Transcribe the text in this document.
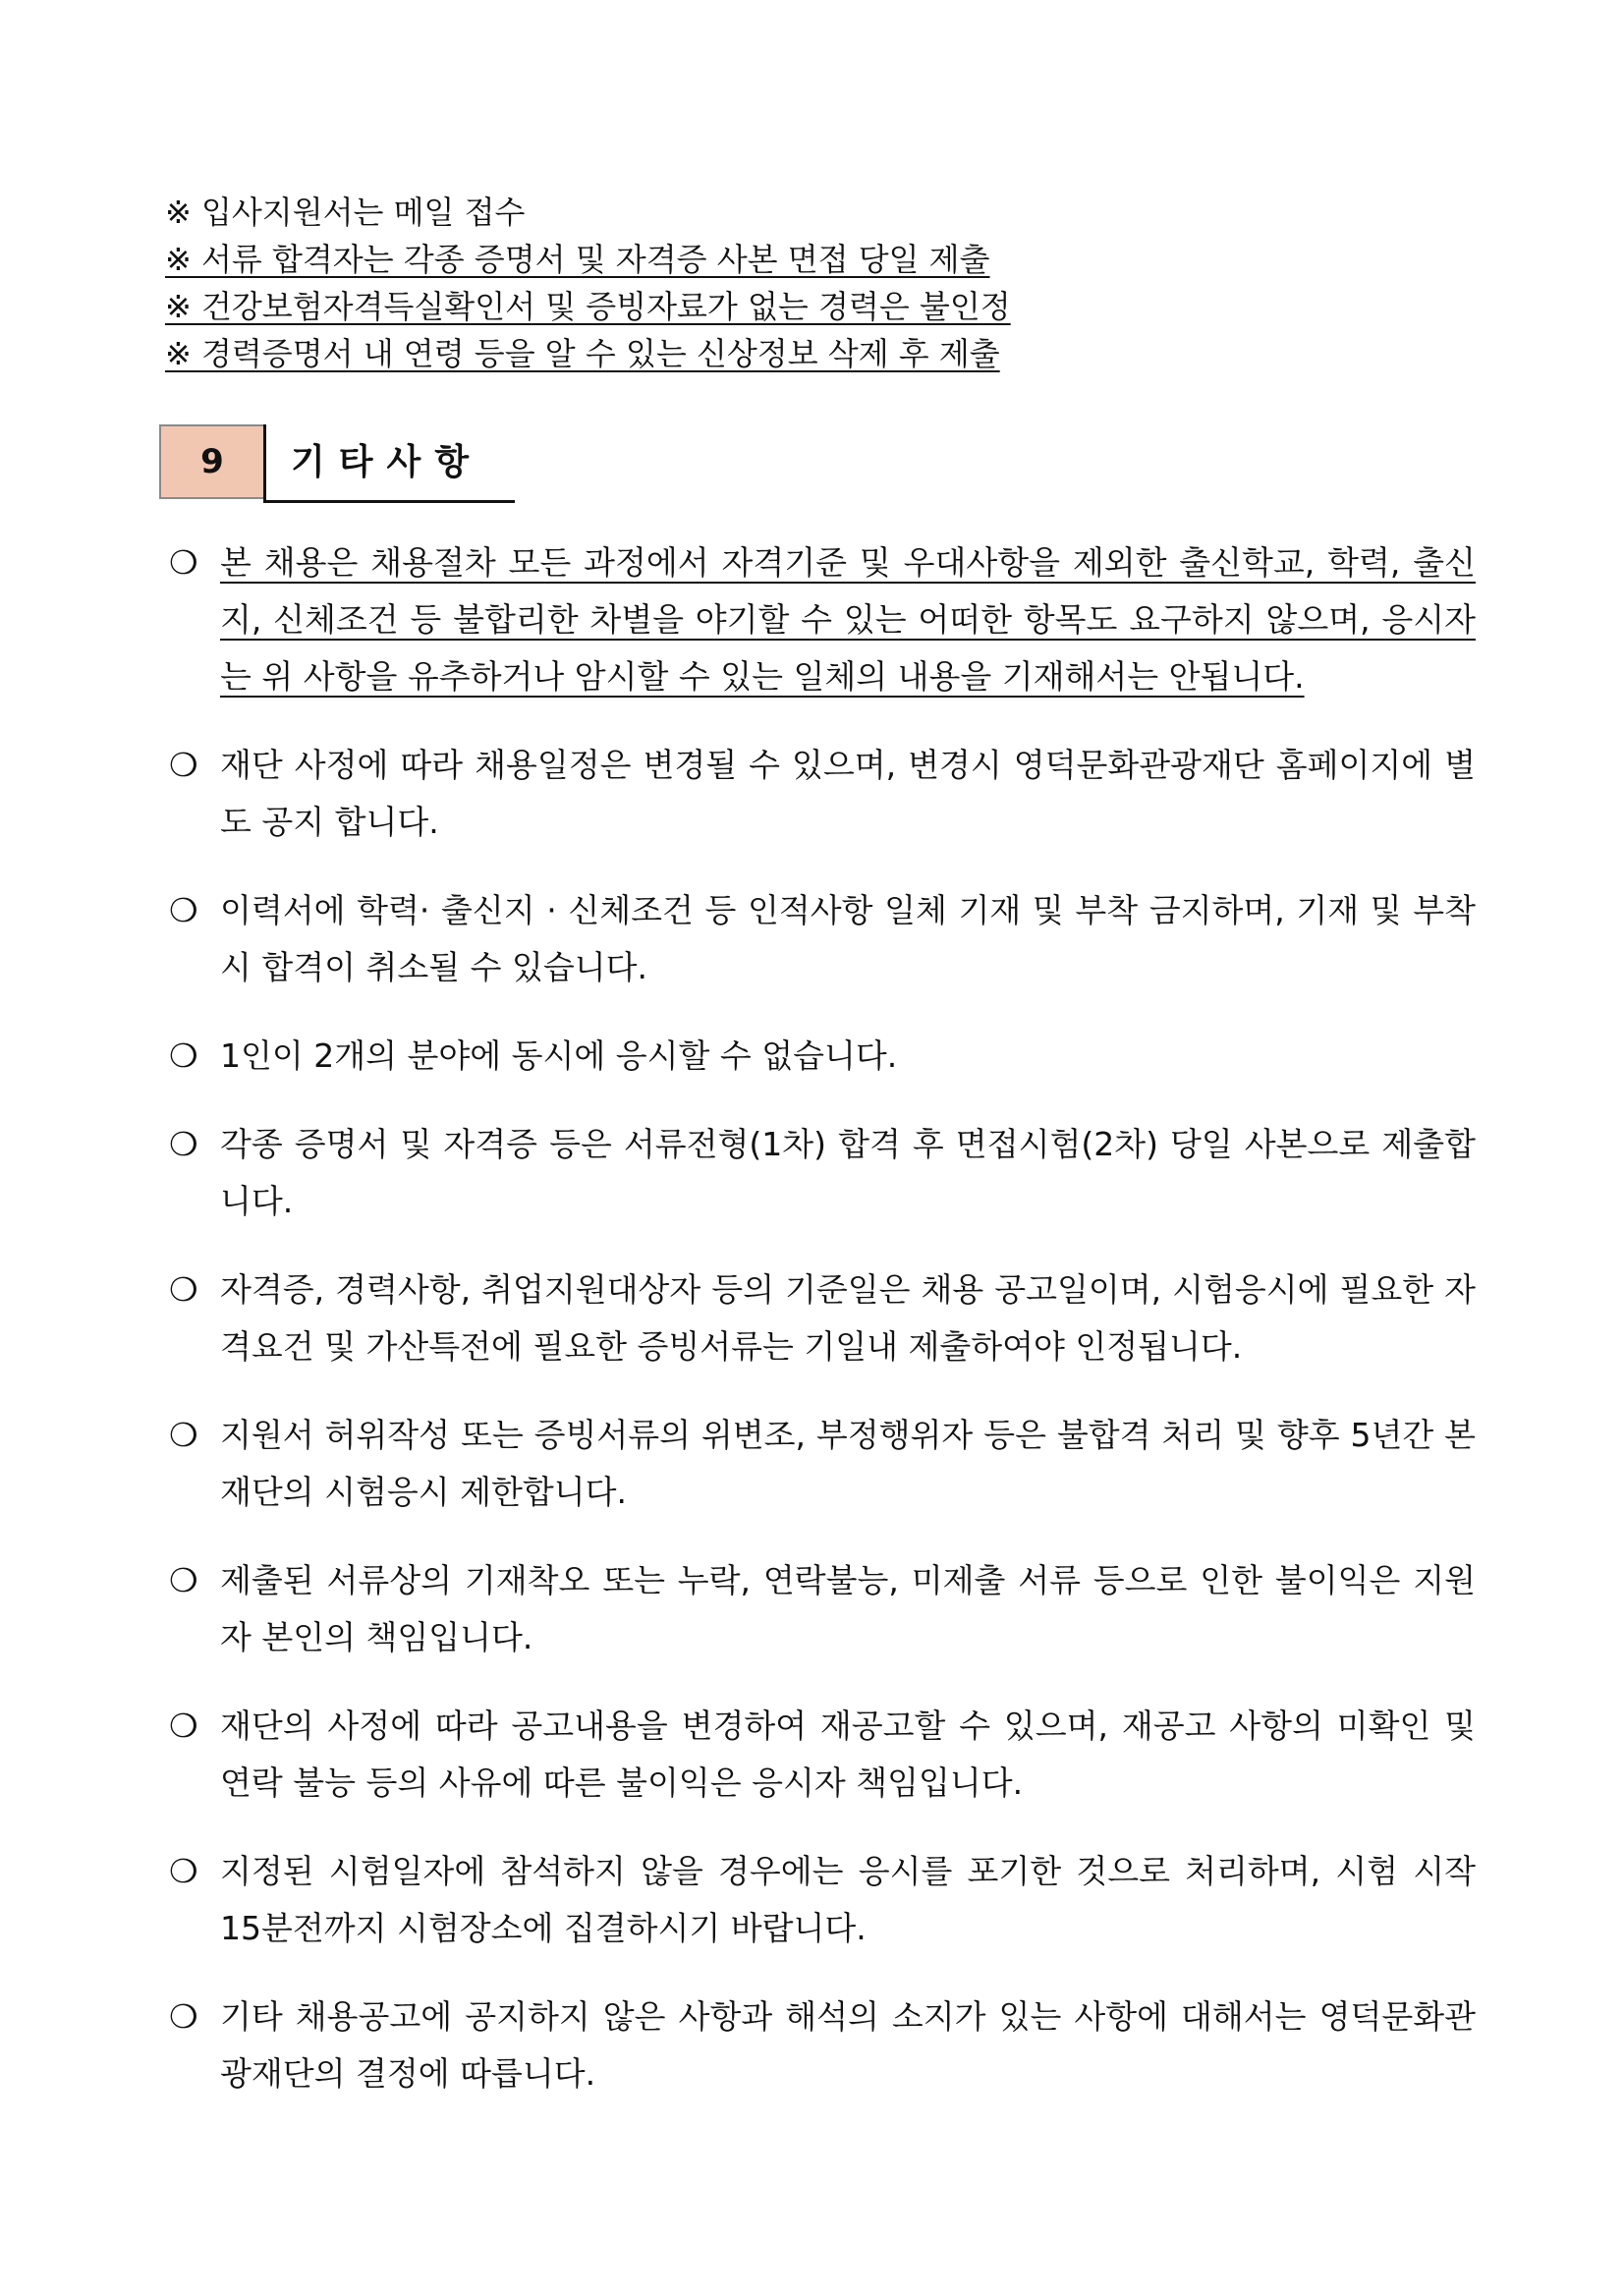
※ 입사지원서는 메일 접수
※ 서류 합격자는 각종 증명서 및 자격증 사본 면접 당일 제출
※ 건강보험자격득실확인서 및 증빙자료가 없는 경력은 불인정
※ 경력증명서 내 연령 등을 알 수 있는 신상정보 삭제 후 제출
9	기타사항
❍ 본 채용은 채용절차 모든 과정에서 자격기준 및 우대사항을 제외한 출신학교, 학력, 출신지, 신체조건 등 불합리한 차별을 야기할 수 있는 어떠한 항목도 요구하지 않으며, 응시자는 위 사항을 유추하거나 암시할 수 있는 일체의 내용을 기재해서는 안됩니다.
❍ 재단 사정에 따라 채용일정은 변경될 수 있으며, 변경시 영덕문화관광재단 홈페이지에 별도 공지 합니다.
❍ 이력서에 학력· 출신지 · 신체조건 등 인적사항 일체 기재 및 부착 금지하며, 기재 및 부착시 합격이 취소될 수 있습니다.
❍ 1인이 2개의 분야에 동시에 응시할 수 없습니다.
❍ 각종 증명서 및 자격증 등은 서류전형(1차) 합격 후 면접시험(2차) 당일 사본으로 제출합니다.
❍ 자격증, 경력사항, 취업지원대상자 등의 기준일은 채용 공고일이며, 시험응시에 필요한 자격요건 및 가산특전에 필요한 증빙서류는 기일내 제출하여야 인정됩니다.
❍ 지원서 허위작성 또는 증빙서류의 위변조, 부정행위자 등은 불합격 처리 및 향후 5년간 본 재단의 시험응시 제한합니다.
❍ 제출된 서류상의 기재착오 또는 누락, 연락불능, 미제출 서류 등으로 인한 불이익은 지원자 본인의 책임입니다.
❍ 재단의 사정에 따라 공고내용을 변경하여 재공고할 수 있으며, 재공고 사항의 미확인 및 연락 불능 등의 사유에 따른 불이익은 응시자 책임입니다.
❍ 지정된 시험일자에 참석하지 않을 경우에는 응시를 포기한 것으로 처리하며, 시험 시작 15분전까지 시험장소에 집결하시기 바랍니다.
❍ 기타 채용공고에 공지하지 않은 사항과 해석의 소지가 있는 사항에 대해서는 영덕문화관광재단의 결정에 따릅니다.
